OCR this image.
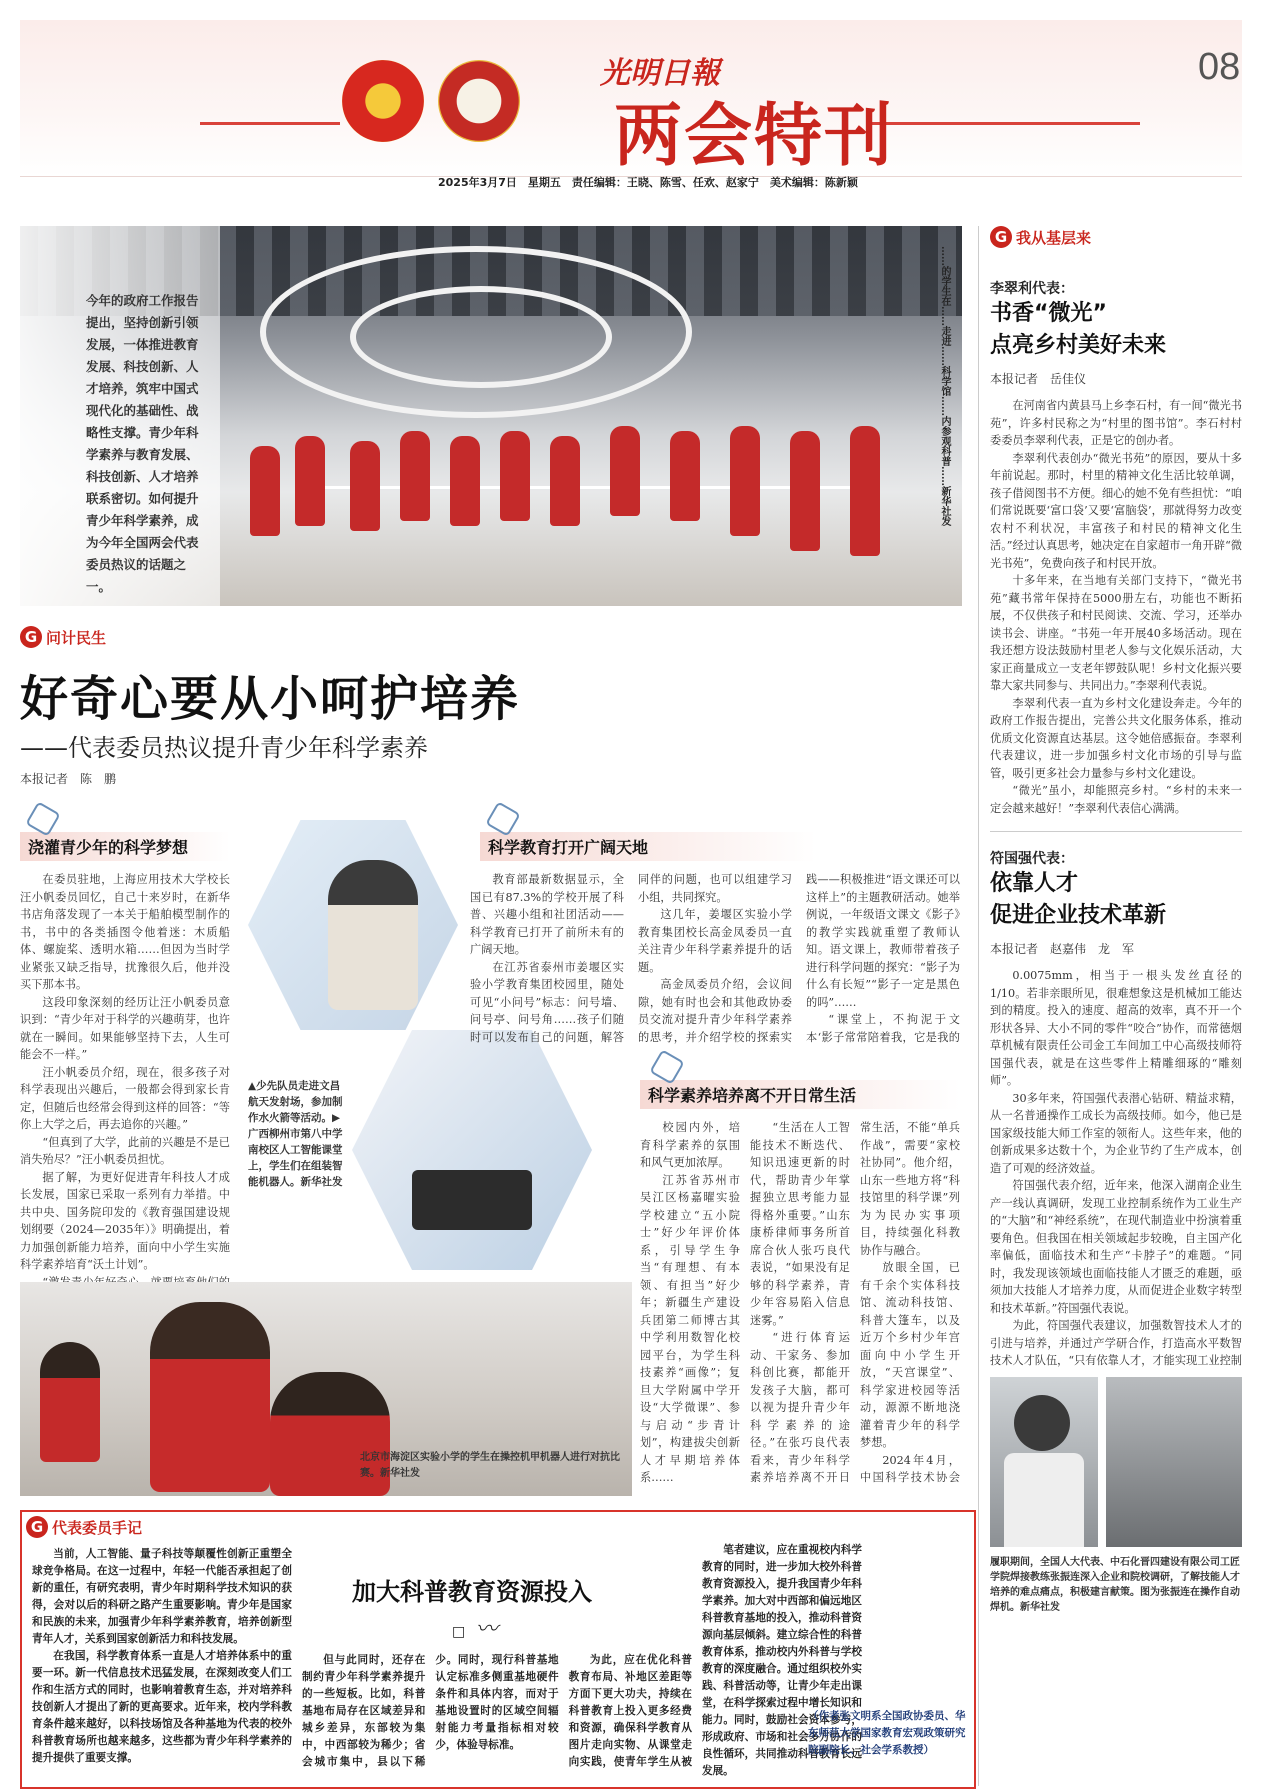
光明日報
两会特刊
08
2025年3月7日　星期五　责任编辑：王晓、陈雪、任欢、赵家宁　美术编辑：陈新颖
……的学生在……走进……科学馆……内参观科普……新华社发
今年的政府工作报告提出，坚持创新引领发展，一体推进教育发展、科技创新、人才培养，筑牢中国式现代化的基础性、战略性支撑。青少年科学素养与教育发展、科技创新、人才培养联系密切。如何提升青少年科学素养，成为今年全国两会代表委员热议的话题之一。
G 问计民生
好奇心要从小呵护培养
——代表委员热议提升青少年科学素养
本报记者　陈　鹏
浇灌青少年的科学梦想

在委员驻地，上海应用技术大学校长汪小帆委员回忆，自己十来岁时，在新华书店角落发现了一本关于船舶模型制作的书，书中的各类插图令他着迷：木质船体、螺旋桨、透明水箱……但因为当时学业紧张又缺乏指导，扰豫很久后，他并没买下那本书。

这段印象深刻的经历让汪小帆委员意识到：“青少年对于科学的兴趣萌芽，也许就在一瞬间。如果能够坚持下去，人生可能会不一样。”

汪小帆委员介绍，现在，很多孩子对科学表现出兴趣后，一般都会得到家长肯定，但随后也经常会得到这样的回答：“等你上大学之后，再去追你的兴趣。”

“但真到了大学，此前的兴趣是不是已消失殆尽？”汪小帆委员担忧。

据了解，为更好促进青年科技人才成长发展，国家已采取一系列有力举措。中共中央、国务院印发的《教育强国建设规划纲要（2024—2035年）》明确提出，着力加强创新能力培养，面向中小学生实施科学素养培育“沃土计划”。

▲少先队员走进文昌航天发射场，参加制作水火箭等活动。▶广西柳州市第八中学南校区人工智能课堂上，学生们在组装智能机器人。新华社发
科学教育打开广阔天地

教育部最新数据显示，全国已有87.3%的学校开展了科普、兴趣小组和社团活动——科学教育已打开了前所未有的广阔天地。

在江苏省泰州市姜堰区实验小学教育集团校园里，随处可见“小问号”标志：问号墙、问号亭、问号角……孩子们随时可以发布自己的问题，解答同伴的问题，也可以组建学习小组，共同探究。

这几年，姜堰区实验小学教育集团校长高金凤委员一直关注青少年科学素养提升的话题。

高金凤委员介绍，会议间隙，她有时也会和其他政协委员交流对提升青少年科学素养的思考，并介绍学校的探索实践——积极推进“语文课还可以这样上”的主题教研活动。她举例说，一年级语文课文《影子》的教学实践就重塑了教师认知。语文课上，教师带着孩子进行科学问题的探究：“影子为什么有长短”“影子一定是黑色的吗”……

“课堂上，不拘泥于文本‘影子常常陪着我，它是我的

科学素养培养离不开日常生活

校园内外，培育科学素养的氛围和风气更加浓厚。

江苏省苏州市吴江区杨嘉曜实验学校建立“五小院士”好少年评价体系，引导学生争当“有理想、有本领、有担当”好少年；新疆生产建设兵团第二师博古其中学利用数智化校园平台，为学生科技素养“画像”；复旦大学附属中学开设“大学微课”、参与启动“步青计划”，构建拔尖创新人才早期培养体系……

“生活在人工智能技术不断迭代、知识迅速更新的时代，帮助青少年掌握独立思考能力显得格外重要。”山东康桥律师事务所首席合伙人张巧良代表说，“如果没有足够的科学素养，青少年容易陷入信息迷雾。”

“进行体育运动、干家务、参加科创比赛，都能开发孩子大脑，都可以视为提升青少年科学素养的途径。”在张巧良代表看来，青少年科学素养培养离不开日常生活，不能“单兵作战”，需要“家校社协同”。他介绍，山东一些地方将“科技馆里的科学课”列为为民办实事项目，持续强化科教协作与融合。

放眼全国，已有千余个实体科技馆、流动科技馆、科普大篷车，以及近万个乡村少年宫面向中小学生开放，“天宫课堂”、科学家进校园等活动，源源不断地浇灌着青少年的科学梦想。

2024年4月，中国科学技术协会

北京市海淀区实验小学的学生在操控机甲机器人进行对抗比赛。新华社发
G 代表委员手记

当前，人工智能、量子科技等颠覆性创新正重塑全球竞争格局。在这一过程中，年轻一代能否承担起了创新的重任，有研究表明，青少年时期科学技术知识的获得，会对以后的科研之路产生重要影响。青少年是国家和民族的未来，加强青少年科学素养教育，培养创新型青年人才，关系到国家创新活力和科技发展。

在我国，科学教育体系一直是人才培养体系中的重要一环。新一代信息技术迅猛发展，在深刻改变人们工作和生活方式的同时，也影响着教育生态，并对培养科技创新人才提出了新的更高要求。近年来，校内学科教育条件越来越好，以科技场馆及各种基地为代表的校外科普教育场所也越来越多，这些都为青少年科学素养的提升提供了重要支撑。

加大科普教育资源投入
□ 〰

但与此同时，还存在制约青少年科学素养提升的一些短板。比如，科普基地布局存在区域差异和城乡差异，东部较为集中，中西部较为稀少；省会城市集中，县以下稀少。同时，现行科普基地认定标准多侧重基地硬件条件和具体内容，而对于基地设置时的区域空间辐射能力考量指标相对较少，体验导标准。

为此，应在优化科普教育布局、补地区差距等方面下更大功夫，持续在科普教育上投入更多经费和资源，确保科学教育从图片走向实物、从课堂走向实践，使青年学生从被

笔者建议，应在重视校内科学教育的同时，进一步加大校外科普教育资源投入，提升我国青少年科学素养。加大对中西部和偏远地区科普教育基地的投入，推动科普资源向基层倾斜。建立综合性的科普教育体系，推动校内外科普与学校教育的深度融合。通过组织校外实践、科普活动等，让青少年走出课堂，在科学探索过程中增长知识和能力。同时，鼓励社会资本参与，形成政府、市场和社会多方协作的良性循环，共同推动科普教育长远发展。

（作者张文明系全国政协委员、华东师范大学国家教育宏观政策研究院副院长、社会学系教授）
G 我从基层来
李翠利代表：
书香“微光”
点亮乡村美好未来
本报记者　岳佳仪

在河南省内黄县马上乡李石村，有一间“微光书苑”，许多村民称之为“村里的图书馆”。李石村村委委员李翠利代表，正是它的创办者。

李翠利代表创办“微光书苑”的原因，要从十多年前说起。那时，村里的精神文化生活比较单调，孩子借阅图书不方便。细心的她不免有些担忧：“咱们常说既要‘富口袋’又要‘富脑袋’，那就得努力改变农村不利状况，丰富孩子和村民的精神文化生活。”经过认真思考，她决定在自家超市一角开辟“微光书苑”，免费向孩子和村民开放。

十多年来，在当地有关部门支持下，“微光书苑”藏书常年保持在5000册左右，功能也不断拓展，不仅供孩子和村民阅读、交流、学习，还举办读书会、讲座。“书苑一年开展40多场活动。现在我还想方设法鼓励村里老人参与文化娱乐活动，大家正商量成立一支老年锣鼓队呢！乡村文化振兴要靠大家共同参与、共同出力。”李翠利代表说。

李翠利代表一直为乡村文化建设奔走。今年的政府工作报告提出，完善公共文化服务体系，推动优质文化资源直达基层。这令她倍感振奋。李翠利代表建议，进一步加强乡村文化市场的引导与监管，吸引更多社会力量参与乡村文化建设。

“微光”虽小，却能照亮乡村。“乡村的未来一定会越来越好！”李翠利代表信心满满。

符国强代表：
依靠人才
促进企业技术革新
本报记者　赵嘉伟　龙　军

0.0075mm，相当于一根头发丝直径的1/10。若非亲眼所见，很难想象这是机械加工能达到的精度。投入的速度、超高的效率，真不开一个形状各异、大小不同的零件“咬合”协作，而常德烟草机械有限责任公司金工车间加工中心高级技师符国强代表，就是在这些零件上精雕细琢的“雕刻师”。

30多年来，符国强代表潜心钻研、精益求精，从一名普通操作工成长为高级技师。如今，他已是国家级技能大师工作室的领衔人。这些年来，他的创新成果多达数十个，为企业节约了生产成本，创造了可观的经济效益。

符国强代表介绍，近年来，他深入湖南企业生产一线认真调研，发现工业控制系统作为工业生产的“大脑”和“神经系统”，在现代制造业中扮演着重要角色。但我国在相关领域起步较晚，自主国产化率偏低，面临技术和生产“卡脖子”的难题。“同时，我发现该领域也面临技能人才匮乏的难题，亟须加大技能人才培养力度，从而促进企业数字转型和技术革新。”符国强代表说。

为此，符国强代表建议，加强数智技术人才的引进与培养，并通过产学研合作，打造高水平数智技术人才队伍，“只有依靠人才，才能实现工业控制

履职期间，全国人大代表、中石化晋四建设有限公司工匠学院焊接教练张振连深入企业和院校调研，了解技能人才培养的难点痛点，积极建言献策。图为张振连在操作自动焊机。新华社发
